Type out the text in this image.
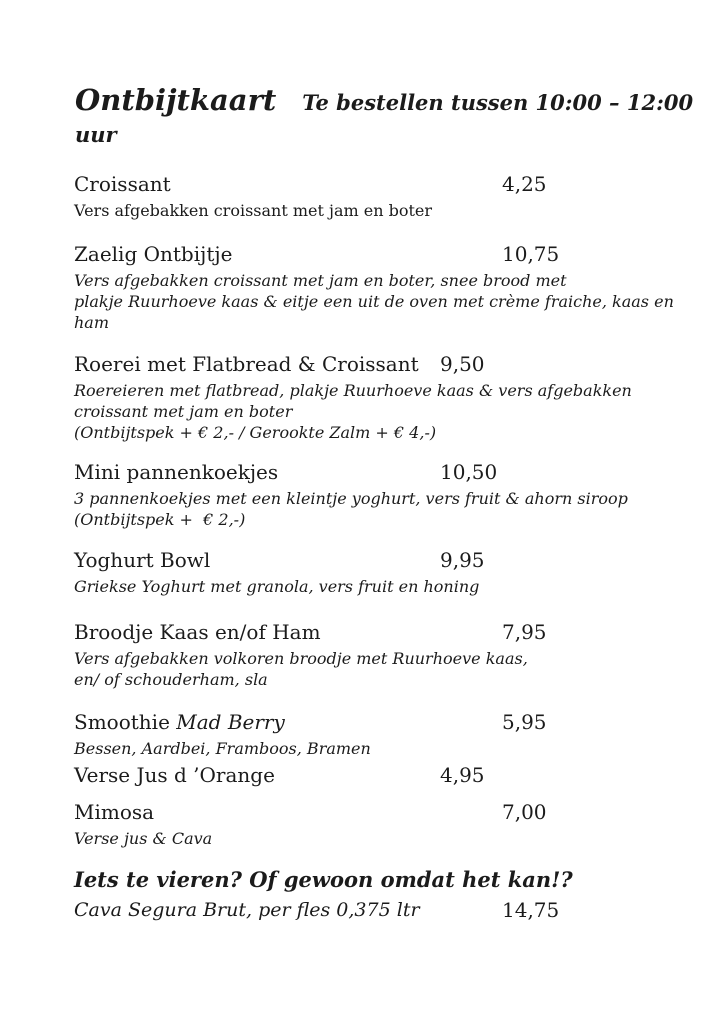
Ontbijtkaart Te bestellen tussen 10:00 – 12:00
uur
Croissant	4,25
Vers afgebakken croissant met jam en boter
Zaelig Ontbijtje	10,75
Vers afgebakken croissant met jam en boter, snee brood met
plakje Ruurhoeve kaas & eitje een uit de oven met crème fraiche, kaas en
ham
Roerei met Flatbread & Croissant 9,50
Roereieren met flatbread, plakje Ruurhoeve kaas & vers afgebakken
croissant met jam en boter
(Ontbijtspek + € 2,- / Gerookte Zalm + € 4,-)
Mini pannenkoekjes	10,50
3 pannenkoekjes met een kleintje yoghurt, vers fruit & ahorn siroop
(Ontbijtspek +  € 2,-)
Yoghurt Bowl	9,95
Griekse Yoghurt met granola, vers fruit en honing
Broodje Kaas en/of Ham	7,95
Vers afgebakken volkoren broodje met Ruurhoeve kaas,
en/ of schouderham, sla
Smoothie Mad Berry	5,95
Bessen, Aardbei, Framboos, Bramen
Verse Jus d ’Orange	4,95
Mimosa	7,00
Verse jus & Cava
Iets te vieren? Of gewoon omdat het kan!?
Cava Segura Brut, per fles 0,375 ltr	14,75
